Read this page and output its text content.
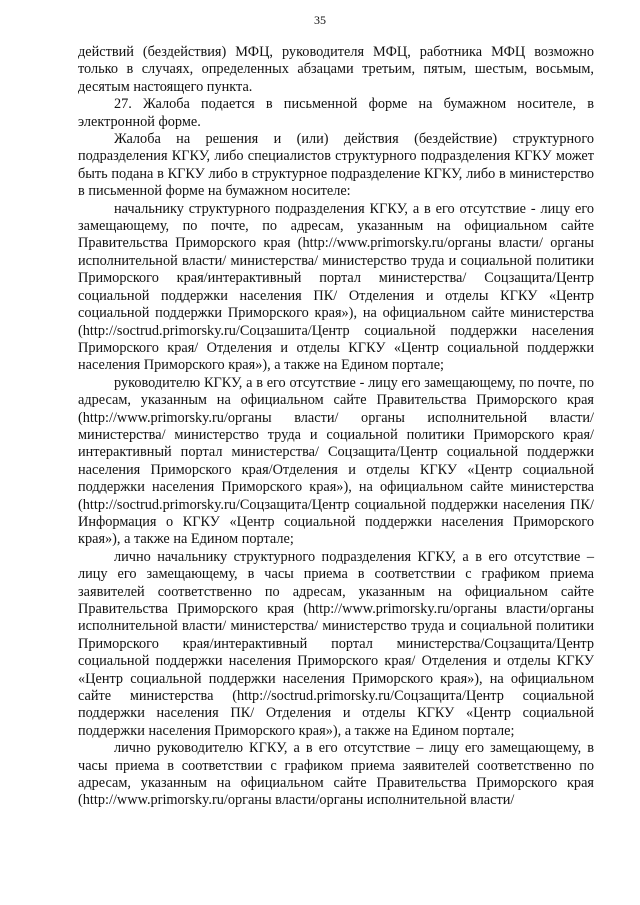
35

действий (бездействия) МФЦ, руководителя МФЦ, работника МФЦ возможно только в случаях, определенных абзацами третьим, пятым, шестым, восьмым, десятым настоящего пункта.

27. Жалоба подается в письменной форме на бумажном носителе, в электронной форме.

Жалоба на решения и (или) действия (бездействие) структурного подразделения КГКУ, либо специалистов структурного подразделения КГКУ может быть подана в КГКУ либо в структурное подразделение КГКУ, либо в министерство в письменной форме на бумажном носителе:

начальнику структурного подразделения КГКУ, а в его отсутствие - лицу его замещающему, по почте, по адресам, указанным на официальном сайте Правительства Приморского края (http://www.primorsky.ru/органы власти/ органы исполнительной власти/ министерства/ министерство труда и социальной политики Приморского края/интерактивный портал министерства/ Соцзащита/Центр социальной поддержки населения ПК/ Отделения и отделы КГКУ «Центр социальной поддержки Приморского края»), на официальном сайте министерства (http://soctrud.primorsky.ru/Соцзашита/Центр социальной поддержки населения Приморского края/ Отделения и отделы КГКУ «Центр социальной поддержки населения Приморского края»), а также на Едином портале;

руководителю КГКУ, а в его отсутствие - лицу его замещающему, по почте, по адресам, указанным на официальном сайте Правительства Приморского края (http://www.primorsky.ru/органы власти/ органы исполнительной власти/ министерства/ министерство труда и социальной политики Приморского края/интерактивный портал министерства/ Соцзащита/Центр социальной поддержки населения Приморского края/Отделения и отделы КГКУ «Центр социальной поддержки населения Приморского края»), на официальном сайте министерства (http://soctrud.primorsky.ru/Соцзащита/Центр социальной поддержки населения ПК/Информация о КГКУ «Центр социальной поддержки населения Приморского края»), а также на Едином портале;

лично начальнику структурного подразделения КГКУ, а в его отсутствие – лицу его замещающему, в часы приема в соответствии с графиком приема заявителей соответственно по адресам, указанным на официальном сайте Правительства Приморского края (http://www.primorsky.ru/органы власти/органы исполнительной власти/ министерства/ министерство труда и социальной политики Приморского края/интерактивный портал министерства/Соцзащита/Центр социальной поддержки населения Приморского края/ Отделения и отделы КГКУ «Центр социальной поддержки населения Приморского края»), на официальном сайте министерства (http://soctrud.primorsky.ru/Соцзащита/Центр социальной поддержки населения ПК/ Отделения и отделы КГКУ «Центр социальной поддержки населения Приморского края»), а также на Едином портале;

лично руководителю КГКУ, а в его отсутствие – лицу его замещающему, в часы приема в соответствии с графиком приема заявителей соответственно по адресам, указанным на официальном сайте Правительства Приморского края (http://www.primorsky.ru/органы власти/органы исполнительной власти/
